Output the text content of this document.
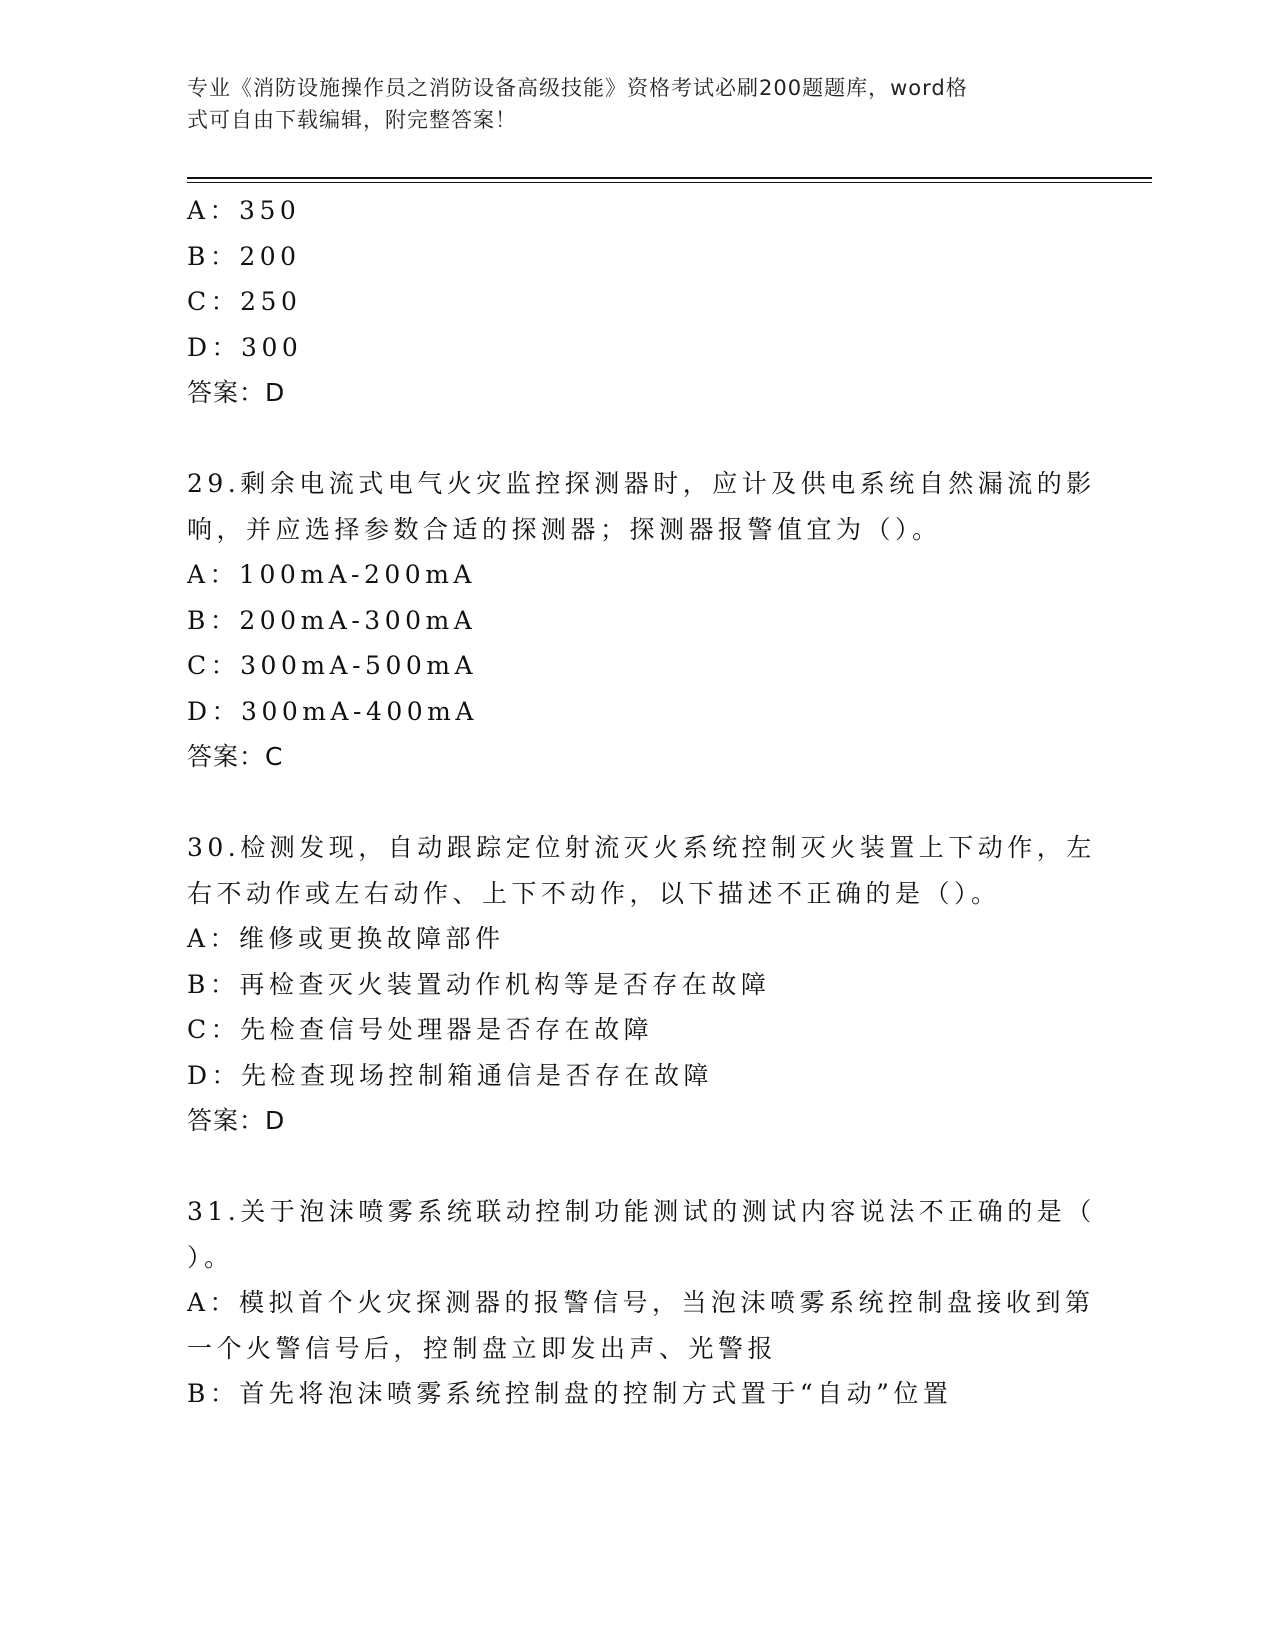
专业《消防设施操作员之消防设备高级技能》资格考试必刷200题题库，word格
式可自由下载编辑，附完整答案！
A：350
B：200
C：250
D：300
答案：D
29.剩余电流式电气火灾监控探测器时，应计及供电系统自然漏流的影
响，并应选择参数合适的探测器；探测器报警值宜为（）。
A：100mA-200mA
B：200mA-300mA
C：300mA-500mA
D：300mA-400mA
答案：C
30.检测发现，自动跟踪定位射流灭火系统控制灭火装置上下动作，左
右不动作或左右动作、上下不动作，以下描述不正确的是（）。
A：维修或更换故障部件
B：再检查灭火装置动作机构等是否存在故障
C：先检查信号处理器是否存在故障
D：先检查现场控制箱通信是否存在故障
答案：D
31.关于泡沫喷雾系统联动控制功能测试的测试内容说法不正确的是（
）。
A：模拟首个火灾探测器的报警信号，当泡沫喷雾系统控制盘接收到第
一个火警信号后，控制盘立即发出声、光警报
B：首先将泡沫喷雾系统控制盘的控制方式置于“自动”位置
